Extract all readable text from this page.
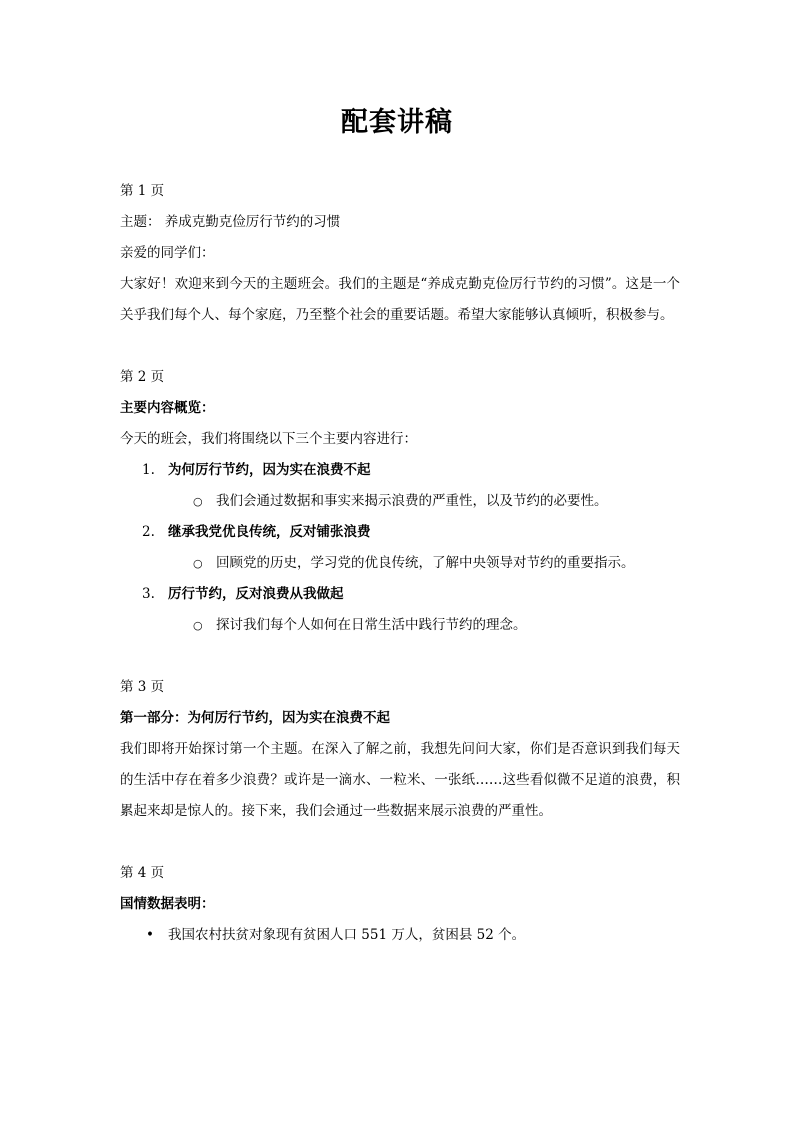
配套讲稿

第 1 页

主题： 养成克勤克俭厉行节约的习惯

亲爱的同学们：

大家好！欢迎来到今天的主题班会。我们的主题是“养成克勤克俭厉行节约的习惯”。这是一个关乎我们每个人、每个家庭，乃至整个社会的重要话题。希望大家能够认真倾听，积极参与。

第 2 页

主要内容概览：

今天的班会，我们将围绕以下三个主要内容进行：

1. 为何厉行节约，因为实在浪费不起
○ 我们会通过数据和事实来揭示浪费的严重性，以及节约的必要性。
2. 继承我党优良传统，反对铺张浪费
○ 回顾党的历史，学习党的优良传统，了解中央领导对节约的重要指示。
3. 厉行节约，反对浪费从我做起
○ 探讨我们每个人如何在日常生活中践行节约的理念。

第 3 页

第一部分：为何厉行节约，因为实在浪费不起

我们即将开始探讨第一个主题。在深入了解之前，我想先问问大家，你们是否意识到我们每天的生活中存在着多少浪费？或许是一滴水、一粒米、一张纸……这些看似微不足道的浪费，积累起来却是惊人的。接下来，我们会通过一些数据来展示浪费的严重性。

第 4 页

国情数据表明：

• 我国农村扶贫对象现有贫困人口 551 万人，贫困县 52 个。
